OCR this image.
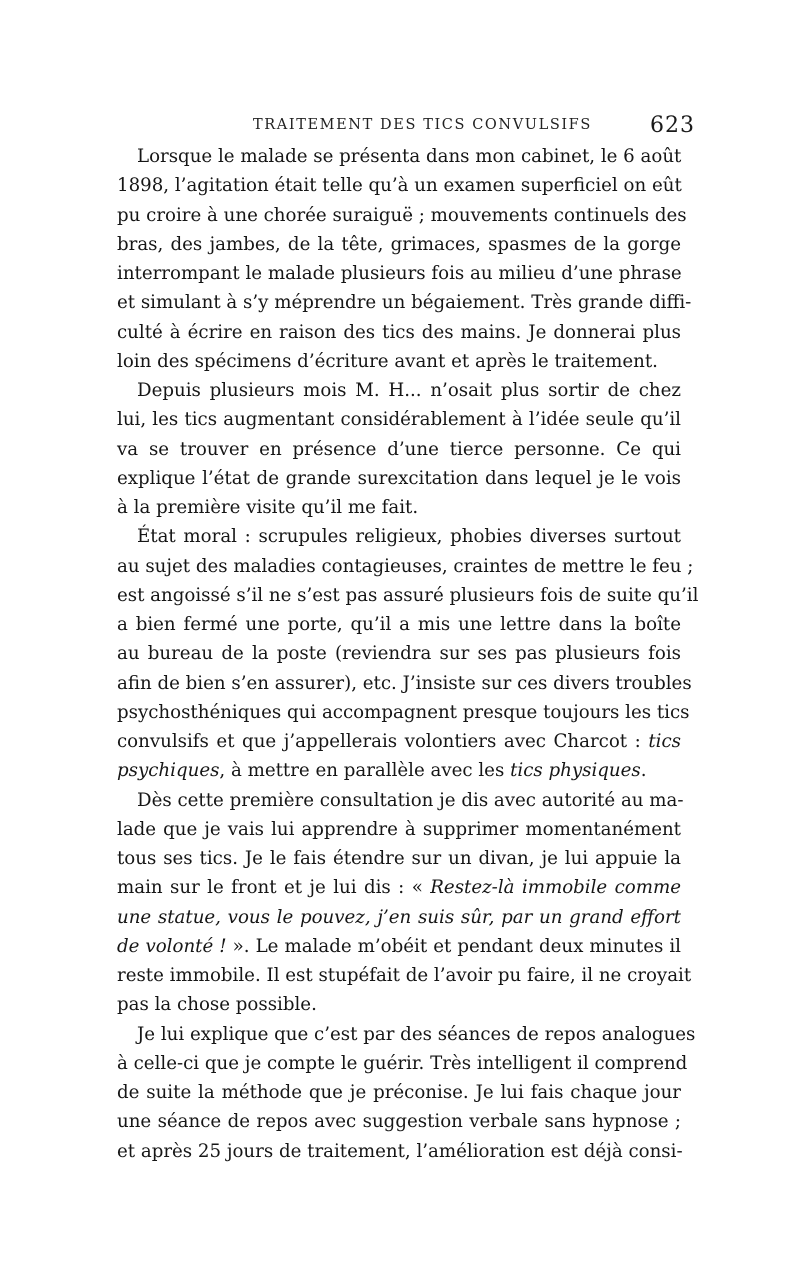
TRAITEMENT DES TICS CONVULSIFS	623
Lorsque le malade se présenta dans mon cabinet, le 6 août
1898, l’agitation était telle qu’à un examen superficiel on eût
pu croire à une chorée suraiguë ; mouvements continuels des
bras, des jambes, de la tête, grimaces, spasmes de la gorge
interrompant le malade plusieurs fois au milieu d’une phrase
et simulant à s’y méprendre un bégaiement. Très grande diffi-
culté à écrire en raison des tics des mains. Je donnerai plus
loin des spécimens d’écriture avant et après le traitement.
Depuis plusieurs mois M. H... n’osait plus sortir de chez
lui, les tics augmentant considérablement à l’idée seule qu’il
va se trouver en présence d’une tierce personne. Ce qui
explique l’état de grande surexcitation dans lequel je le vois
à la première visite qu’il me fait.
État moral : scrupules religieux, phobies diverses surtout
au sujet des maladies contagieuses, craintes de mettre le feu ;
est angoissé s’il ne s’est pas assuré plusieurs fois de suite qu’il
a bien fermé une porte, qu’il a mis une lettre dans la boîte
au bureau de la poste (reviendra sur ses pas plusieurs fois
afin de bien s’en assurer), etc. J’insiste sur ces divers troubles
psychosthéniques qui accompagnent presque toujours les tics
convulsifs et que j’appellerais volontiers avec Charcot : tics
psychiques, à mettre en parallèle avec les tics physiques.
Dès cette première consultation je dis avec autorité au ma-
lade que je vais lui apprendre à supprimer momentanément
tous ses tics. Je le fais étendre sur un divan, je lui appuie la
main sur le front et je lui dis : « Restez-là immobile comme
une statue, vous le pouvez, j’en suis sûr, par un grand effort
de volonté ! ». Le malade m’obéit et pendant deux minutes il
reste immobile. Il est stupéfait de l’avoir pu faire, il ne croyait
pas la chose possible.
Je lui explique que c’est par des séances de repos analogues
à celle-ci que je compte le guérir. Très intelligent il comprend
de suite la méthode que je préconise. Je lui fais chaque jour
une séance de repos avec suggestion verbale sans hypnose ;
et après 25 jours de traitement, l’amélioration est déjà consi-
